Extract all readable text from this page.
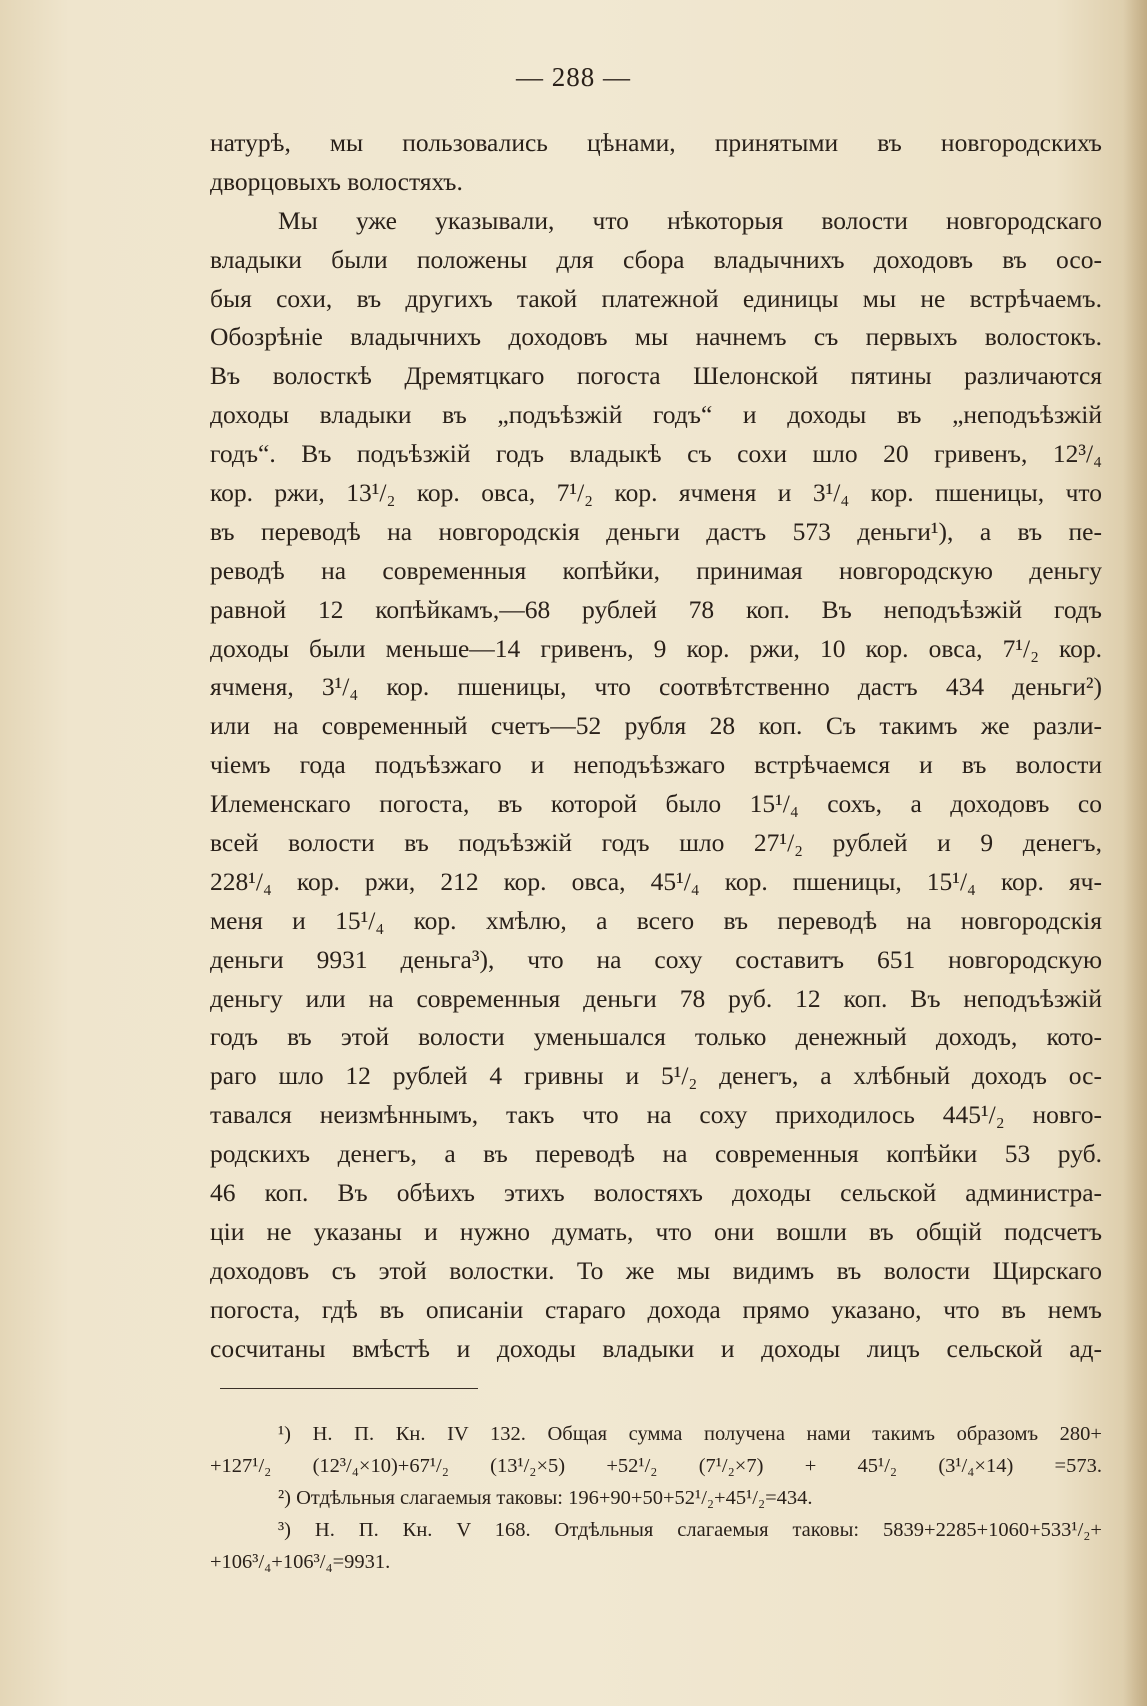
— 288 —
натурѣ, мы пользовались цѣнами, принятыми въ новгородскихъ
дворцовыхъ волостяхъ.
Мы уже указывали, что нѣкоторыя волости новгородскаго
владыки были положены для сбора владычнихъ доходовъ въ осо-
быя сохи, въ другихъ такой платежной единицы мы не встрѣчаемъ.
Обозрѣніе владычнихъ доходовъ мы начнемъ съ первыхъ волостокъ.
Въ волосткѣ Дремятцкаго погоста Шелонской пятины различаются
доходы владыки въ „подъѣзжій годъ“ и доходы въ „неподъѣзжій
годъ“. Въ подъѣзжій годъ владыкѣ съ сохи шло 20 гривенъ, 12³/₄
кор. ржи, 13¹/₂ кор. овса, 7¹/₂ кор. ячменя и 3¹/₄ кор. пшеницы, что
въ переводѣ на новгородскія деньги дастъ 573 деньги¹), а въ пе-
реводѣ на современныя копѣйки, принимая новгородскую деньгу
равной 12 копѣйкамъ,—68 рублей 78 коп. Въ неподъѣзжій годъ
доходы были меньше—14 гривенъ, 9 кор. ржи, 10 кор. овса, 7¹/₂ кор.
ячменя, 3¹/₄ кор. пшеницы, что соотвѣтственно дастъ 434 деньги²)
или на современный счетъ—52 рубля 28 коп. Съ такимъ же разли-
чіемъ года подъѣзжаго и неподъѣзжаго встрѣчаемся и въ волости
Илеменскаго погоста, въ которой было 15¹/₄ сохъ, а доходовъ со
всей волости въ подъѣзжій годъ шло 27¹/₂ рублей и 9 денегъ,
228¹/₄ кор. ржи, 212 кор. овса, 45¹/₄ кор. пшеницы, 15¹/₄ кор. яч-
меня и 15¹/₄ кор. хмѣлю, а всего въ переводѣ на новгородскія
деньги 9931 деньга³), что на соху составитъ 651 новгородскую
деньгу или на современныя деньги 78 руб. 12 коп. Въ неподъѣзжій
годъ въ этой волости уменьшался только денежный доходъ, кото-
раго шло 12 рублей 4 гривны и 5¹/₂ денегъ, а хлѣбный доходъ ос-
тавался неизмѣннымъ, такъ что на соху приходилось 445¹/₂ новго-
родскихъ денегъ, а въ переводѣ на современныя копѣйки 53 руб.
46 коп. Въ обѣихъ этихъ волостяхъ доходы сельской администра-
ціи не указаны и нужно думать, что они вошли въ общій подсчетъ
доходовъ съ этой волостки. То же мы видимъ въ волости Щирскаго
погоста, гдѣ въ описаніи стараго дохода прямо указано, что въ немъ
сосчитаны вмѣстѣ и доходы владыки и доходы лицъ сельской ад-
¹) Н. П. Кн. IV 132. Общая сумма получена нами такимъ образомъ 280+
+127¹/₂ (12³/₄×10)+67¹/₂ (13¹/₂×5) +52¹/₂ (7¹/₂×7) + 45¹/₂ (3¹/₄×14) =573.
²) Отдѣльныя слагаемыя таковы: 196+90+50+52¹/₂+45¹/₂=434.
³) Н. П. Кн. V 168. Отдѣльныя слагаемыя таковы: 5839+2285+1060+533¹/₂+
+106³/₄+106³/₄=9931.
